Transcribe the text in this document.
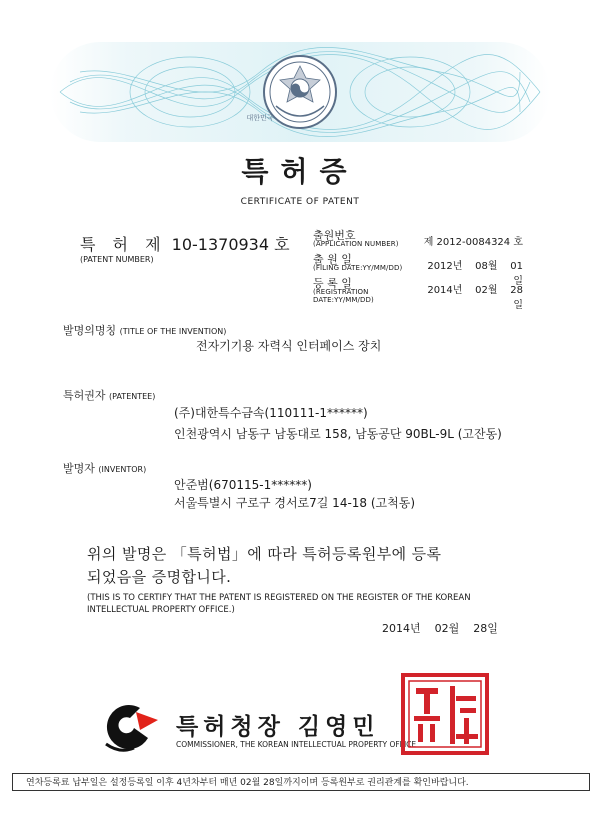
대한민국
특허증
CERTIFICATE OF PATENT
특 허 제 10-1370934 호
(PATENT NUMBER)
출원번호
(APPLICATION NUMBER)	제 2012-0084324 호
출 원 일
(FILING DATE:YY/MM/DD)	2012년 08월 01일
등 록 일
(REGISTRATION DATE:YY/MM/DD)
2014년 02월 28일
발명의명칭 (TITLE OF THE INVENTION)
전자기기용 자력식 인터페이스 장치
특허권자 (PATENTEE)
(주)대한특수금속(110111-1******)
인천광역시 남동구 남동대로 158, 남동공단 90BL-9L (고잔동)
발명자 (INVENTOR)
안준범(670115-1******)
서울특별시 구로구 경서로7길 14-18 (고척동)
위의 발명은 「특허법」에 따라 특허등록원부에 등록
되었음을 증명합니다.
(THIS IS TO CERTIFY THAT THE PATENT IS REGISTERED ON THE REGISTER OF THE KOREAN
INTELLECTUAL PROPERTY OFFICE.)
2014년 02월 28일
특허청장 김영민
COMMISSIONER, THE KOREAN INTELLECTUAL PROPERTY OFFICE
연차등록료 납부일은 설정등록일 이후 4년차부터 매년 02월 28일까지이며 등록원부로 권리관계를 확인바랍니다.
